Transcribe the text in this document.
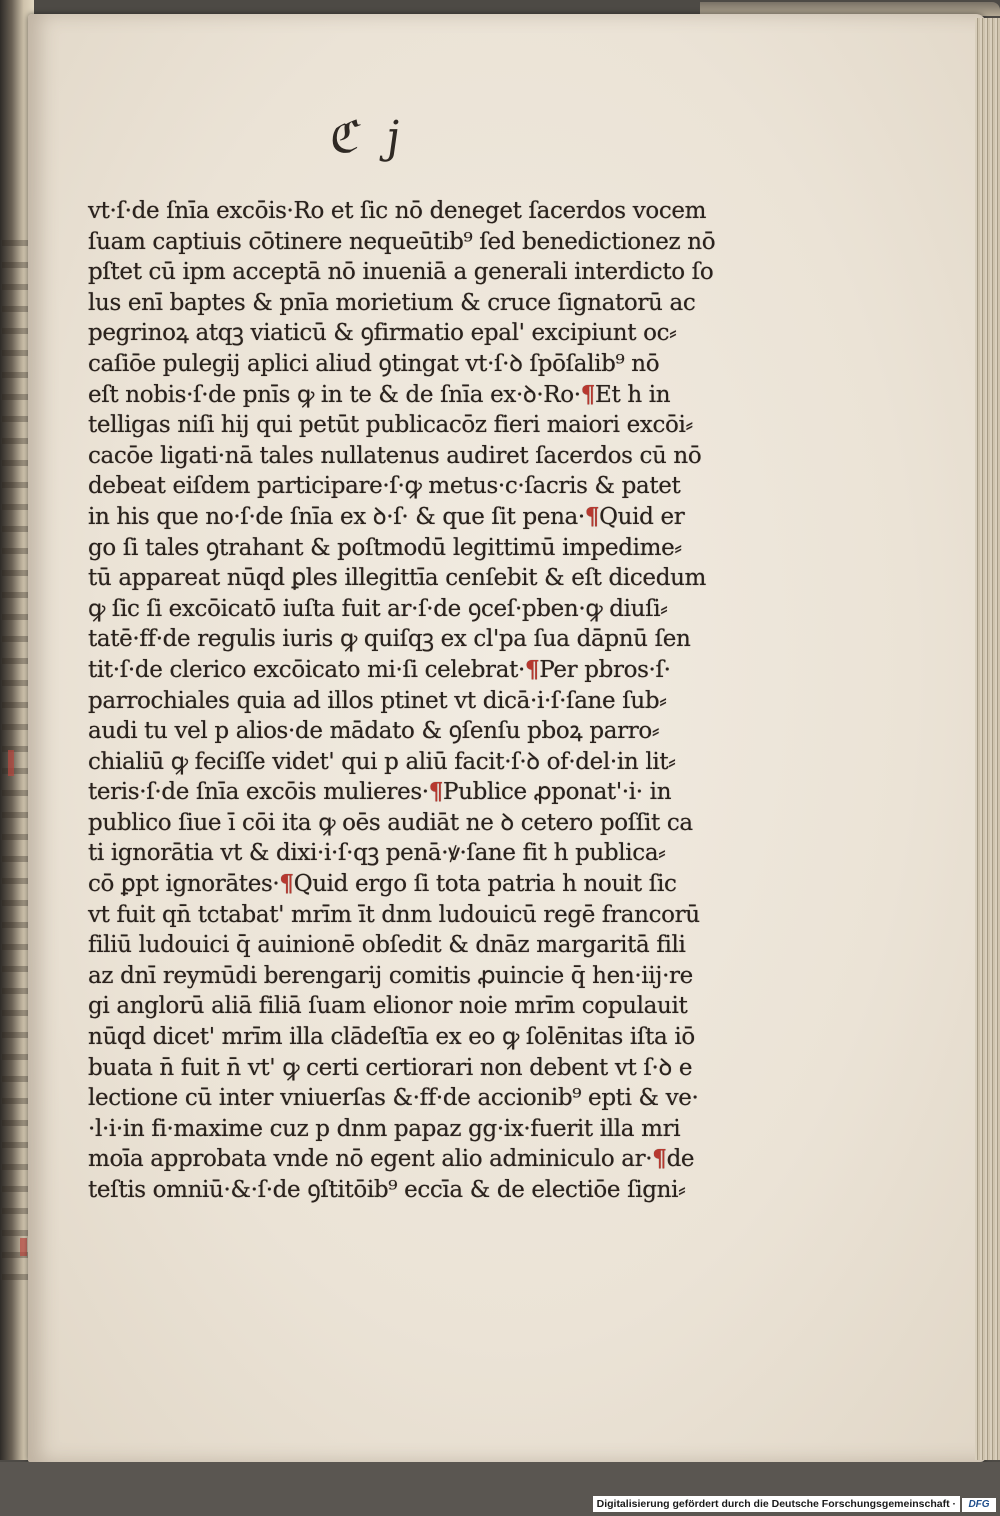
ℭ j
vt·ſ·de ſnīa excōis·Ro et ſic nō deneget ſacerdos vocem
ſuam captiuis cōtinere nequeūtib⁹ ſed benedictionez nō
pſtet cū ipm acceptā nō inueniā a generali interdicto ſo
lus enī baptes & pnīa morietium & cruce ſignatorū ac
pegrinoꝝ atqꝫ viaticū & ꝯfirmatio epal' excipiunt oc⸗
caſiōe pulegij aplici aliud ꝯtingat vt·ſ·ꝺ ſpōſalib⁹ nō
eſt nobis·ſ·de pnīs ꝙ in te & de ſnīa ex·ꝺ·Ro·¶Et h in
telligas niſi hij qui petūt publicacōz fieri maiori excōi⸗
cacōe ligati·nā tales nullatenus audiret ſacerdos cū nō
debeat eiſdem participare·ſ·ꝙ metus·c·ſacris & patet
in his que no·ſ·de ſnīa ex ꝺ·ſ· & que ſit pena·¶Quid er
go ſi tales ꝯtrahant & poſtmodū legittimū impedime⸗
tū appareat nūqd ꝑles illegittīa cenſebit & eſt dicedum
ꝙ ſic ſi excōicatō iuſta fuit ar·ſ·de ꝯceſ·pben·ꝙ diuſi⸗
tatē·ff·de regulis iuris ꝙ quiſqꝫ ex cl'pa ſua dāpnū ſen
tit·ſ·de clerico excōicato mi·ſi celebrat·¶Per pbros·ſ·
parrochiales quia ad illos ptinet vt dicā·i·ſ·ſane ſub⸗
audi tu vel p alios·de mādato & ꝯſenſu pboꝝ parro⸗
chialiū ꝙ feciſſe videt' qui p aliū facit·ſ·ꝺ of·del·in lit⸗
teris·ſ·de ſnīa excōis mulieres·¶Publice ꝓponat'·i· in
publico ſiue ī cōi ita ꝙ oēs audiāt ne ꝺ cetero poſſit ca
ti ignorātia vt & dixi·i·ſ·qꝫ penā·ꝟ·ſane fit h publica⸗
cō ꝑpt ignorātes·¶Quid ergo ſi tota patria h nouit ſic
vt fuit qn̄ tctabat' mrīm īt dnm ludouicū regē francorū
filiū ludouici q̄ auinionē obſedit & dnāz margaritā fili
az dnī reymūdi berengarij comitis ꝓuincie q̄ hen·iij·re
gi anglorū aliā filiā ſuam elionor noie mrīm copulauit
nūqd dicet' mrīm illa clādeſtīa ex eo ꝙ ſolēnitas iſta iō
buata n̄ fuit n̄ vt' ꝙ certi certiorari non debent vt ſ·ꝺ e
lectione cū inter vniuerſas &·ff·de accionib⁹ epti & ve·
·l·i·in fi·maxime cuz p dnm papaz gg·ix·fuerit illa mri
moīa approbata vnde nō egent alio adminiculo ar·¶de
teſtis omniū·&·ſ·de ꝯſtitōib⁹ eccīa & de electiōe ſigni⸗
Digitalisierung gefördert durch die Deutsche Forschungsgemeinschaft ·	DFG
